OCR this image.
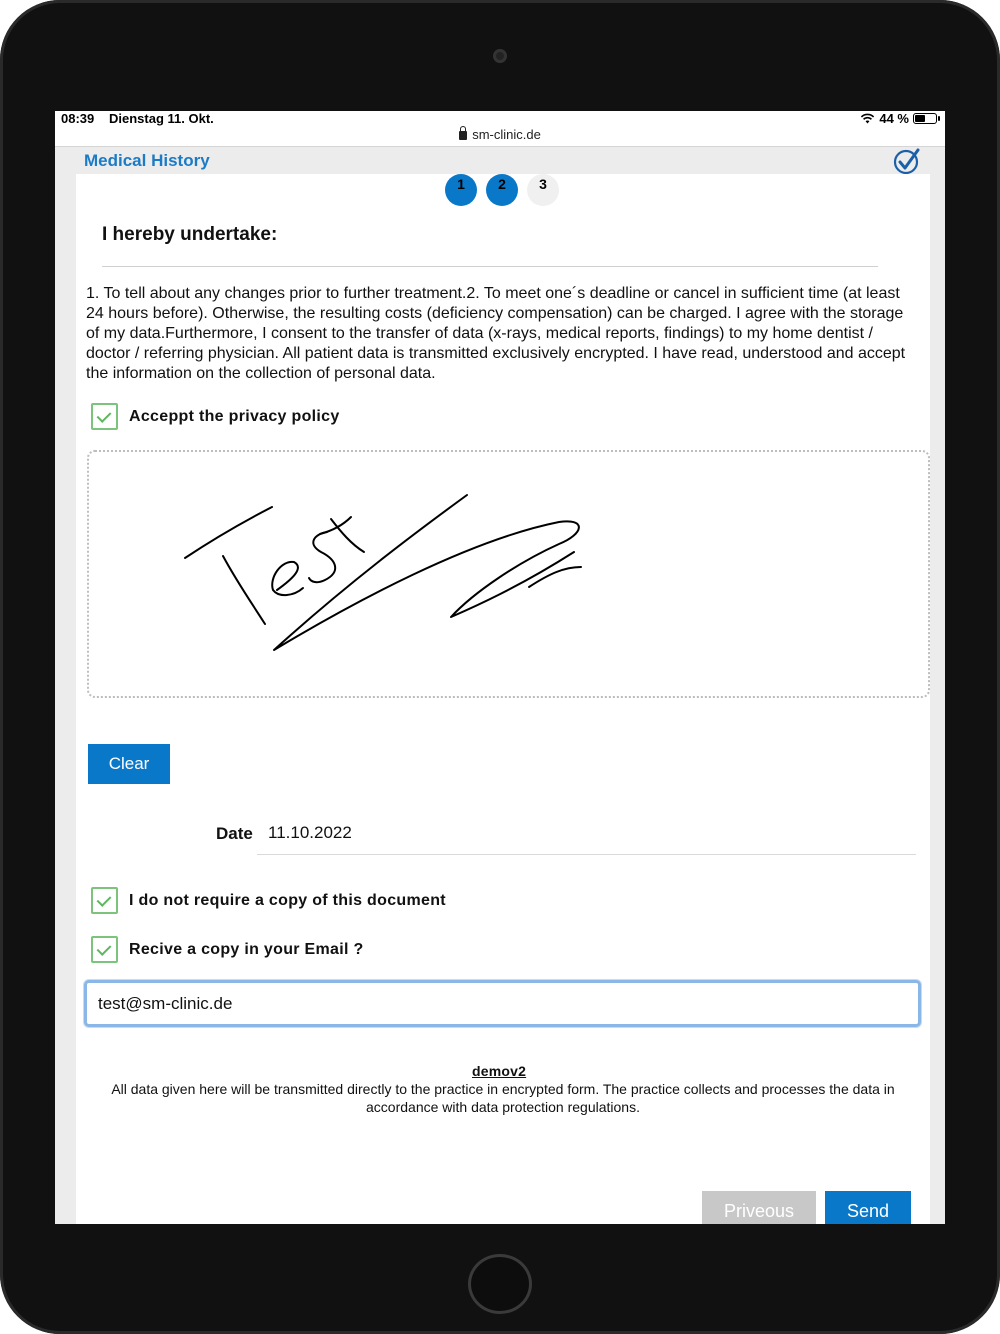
08:39 Dienstag 11. Okt.	44 %
sm-clinic.de
Medical History
1	2	3
I hereby undertake:

1. To tell about any changes prior to further treatment.2. To meet one´s deadline or cancel in sufficient time (at least 24 hours before). Otherwise, the resulting costs (deficiency compensation) can be charged. I agree with the storage of my data.Furthermore, I consent to the transfer of data (x-rays, medical reports, findings) to my home dentist / doctor / referring physician. All patient data is transmitted exclusively encrypted. I have read, understood and accept the information on the collection of personal data.

Acceppt the privacy policy
Clear
Date 11.10.2022
I do not require a copy of this document
Recive a copy in your Email ?
test@sm-clinic.de
demov2

All data given here will be transmitted directly to the practice in encrypted form. The practice collects and processes the data in accordance with data protection regulations.

Priveous	Send
